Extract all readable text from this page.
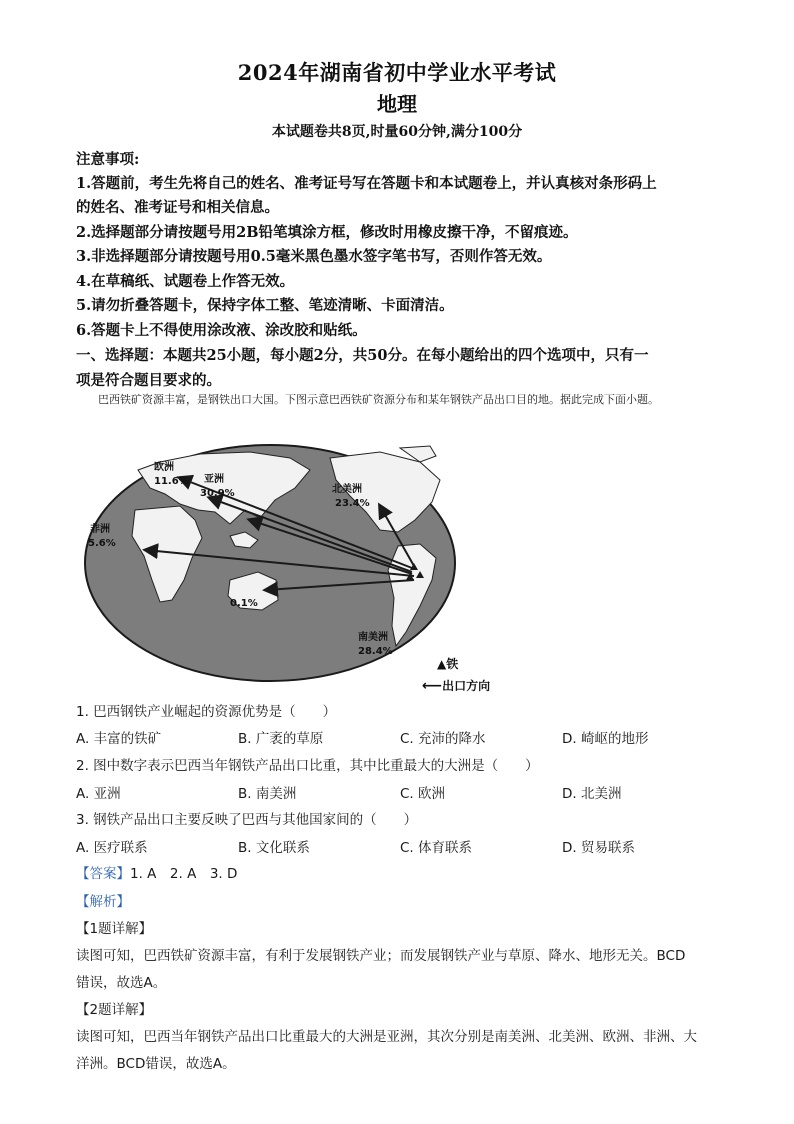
2024年湖南省初中学业水平考试
地理
本试题卷共8页,时量60分钟,满分100分
注意事项:
1.答题前，考生先将自己的姓名、准考证号写在答题卡和本试题卷上，并认真核对条形码上
的姓名、准考证号和相关信息。
2.选择题部分请按题号用2B铅笔填涂方框，修改时用橡皮擦干净，不留痕迹。
3.非选择题部分请按题号用0.5毫米黑色墨水签字笔书写，否则作答无效。
4.在草稿纸、试题卷上作答无效。
5.请勿折叠答题卡，保持字体工整、笔迹清晰、卡面清洁。
6.答题卡上不得使用涂改液、涂改胶和贴纸。
一、选择题：本题共25小题，每小题2分，共50分。在每小题给出的四个选项中，只有一
项是符合题目要求的。
巴西铁矿资源丰富，是钢铁出口大国。下图示意巴西铁矿资源分布和某年钢铁产品出口目的地。据此完成下面小题。
欧洲
11.6% 亚洲
30.9%	北美洲
23.4%
非洲
5.6%
南美洲
28.4%
0.1%
▲铁
⟵出口方向
1. 巴西钢铁产业崛起的资源优势是（　　）
A. 丰富的铁矿	B. 广袤的草原	C. 充沛的降水	D. 崎岖的地形
2. 图中数字表示巴西当年钢铁产品出口比重，其中比重最大的大洲是（　　）
A. 亚洲	B. 南美洲	C. 欧洲	D. 北美洲
3. 钢铁产品出口主要反映了巴西与其他国家间的（　　）
A. 医疗联系	B. 文化联系	C. 体育联系	D. 贸易联系
【答案】1. A　2. A　3. D
【解析】
【1题详解】
读图可知，巴西铁矿资源丰富，有利于发展钢铁产业；而发展钢铁产业与草原、降水、地形无关。BCD
错误，故选A。
【2题详解】
读图可知，巴西当年钢铁产品出口比重最大的大洲是亚洲，其次分别是南美洲、北美洲、欧洲、非洲、大
洋洲。BCD错误，故选A。
